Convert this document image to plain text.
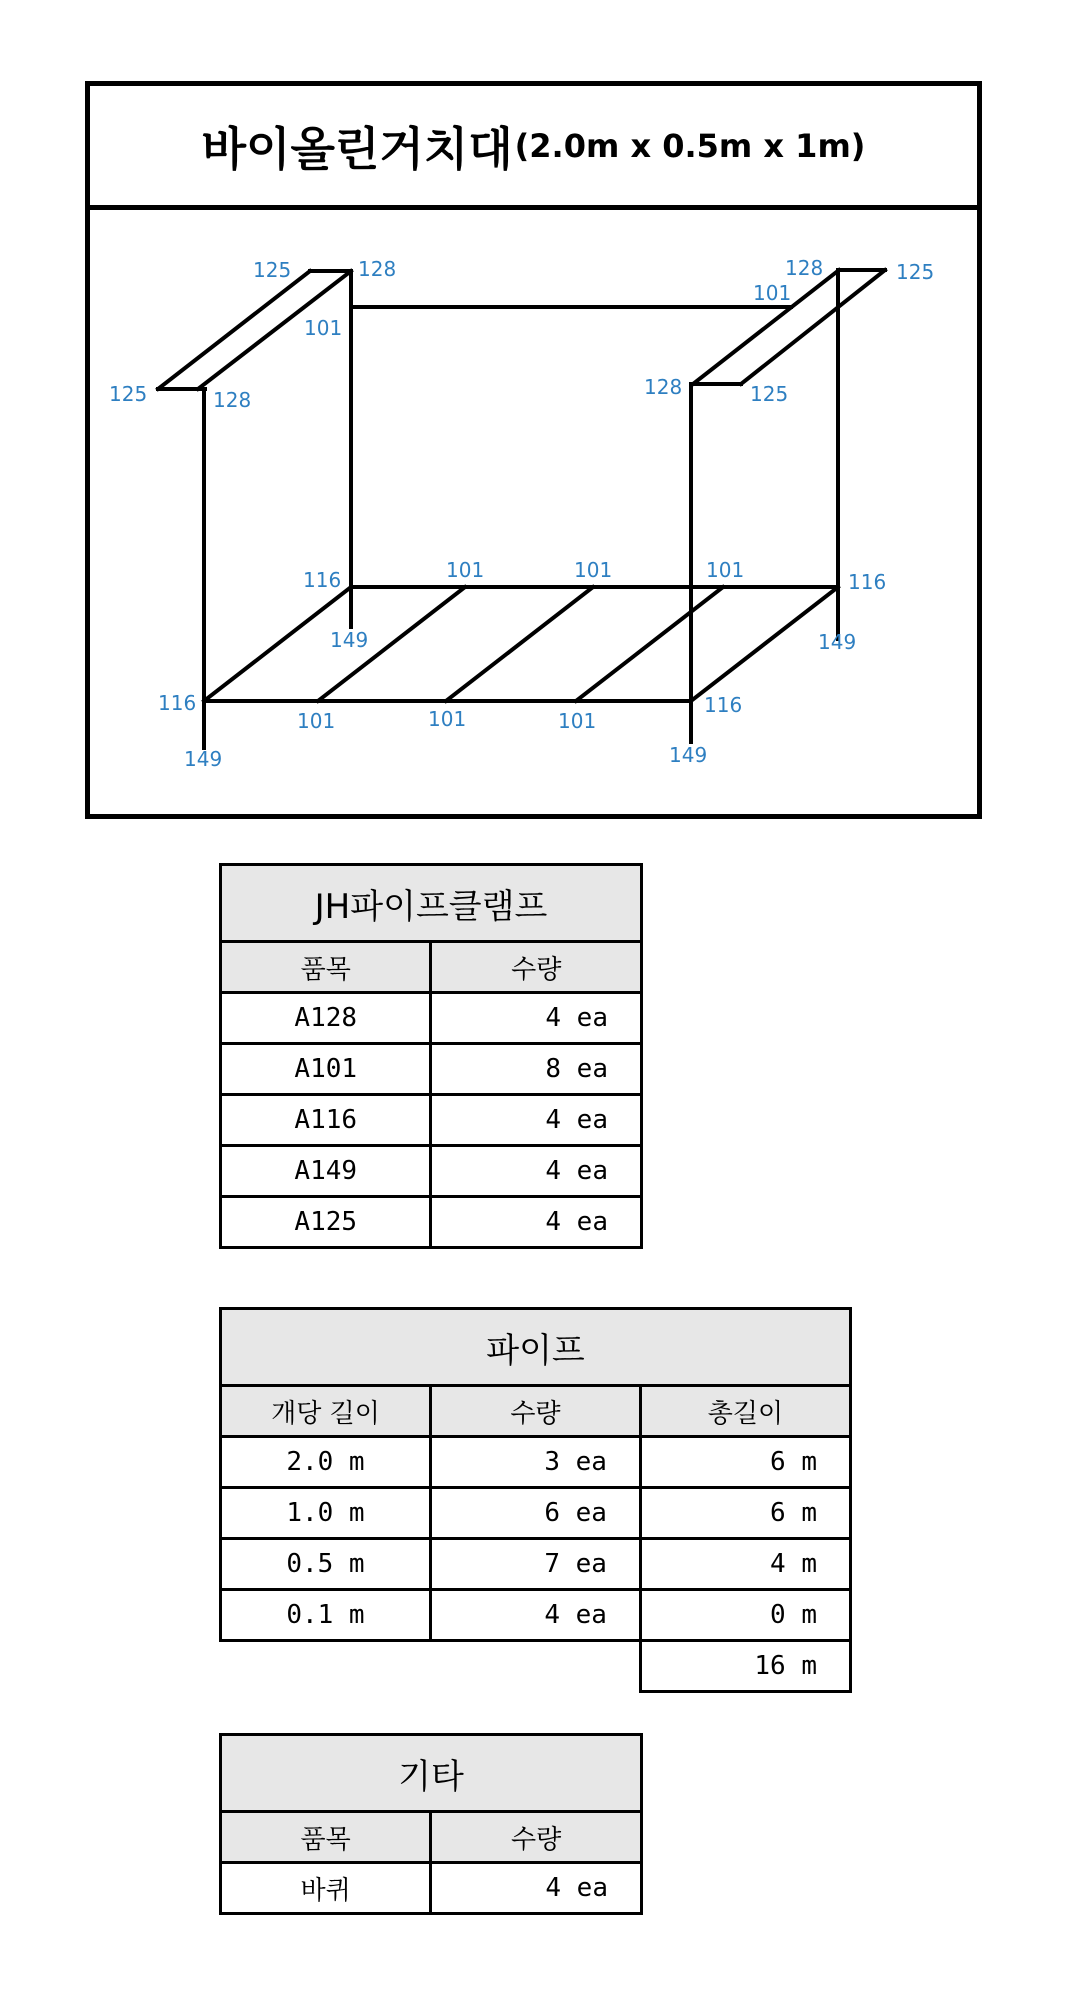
바이올린거치대 (2.0m x 0.5m x 1m)
125	128
101
125	128
128	125
101
128	125
116
149
101	101	101	116
149
116
149
101	101	101
116
149
JH파이프클램프	
품목	수량
A128	4 ea
A101	8 ea
A116	4 ea
A149	4 ea
A125	4 ea
파이프		
개당 길이	수량	총길이
2.0 m	3 ea	6 m
1.0 m	6 ea	6 m
0.5 m	7 ea	4 m
0.1 m	4 ea	0 m
		16 m
기타	
품목	수량
바퀴	4 ea
